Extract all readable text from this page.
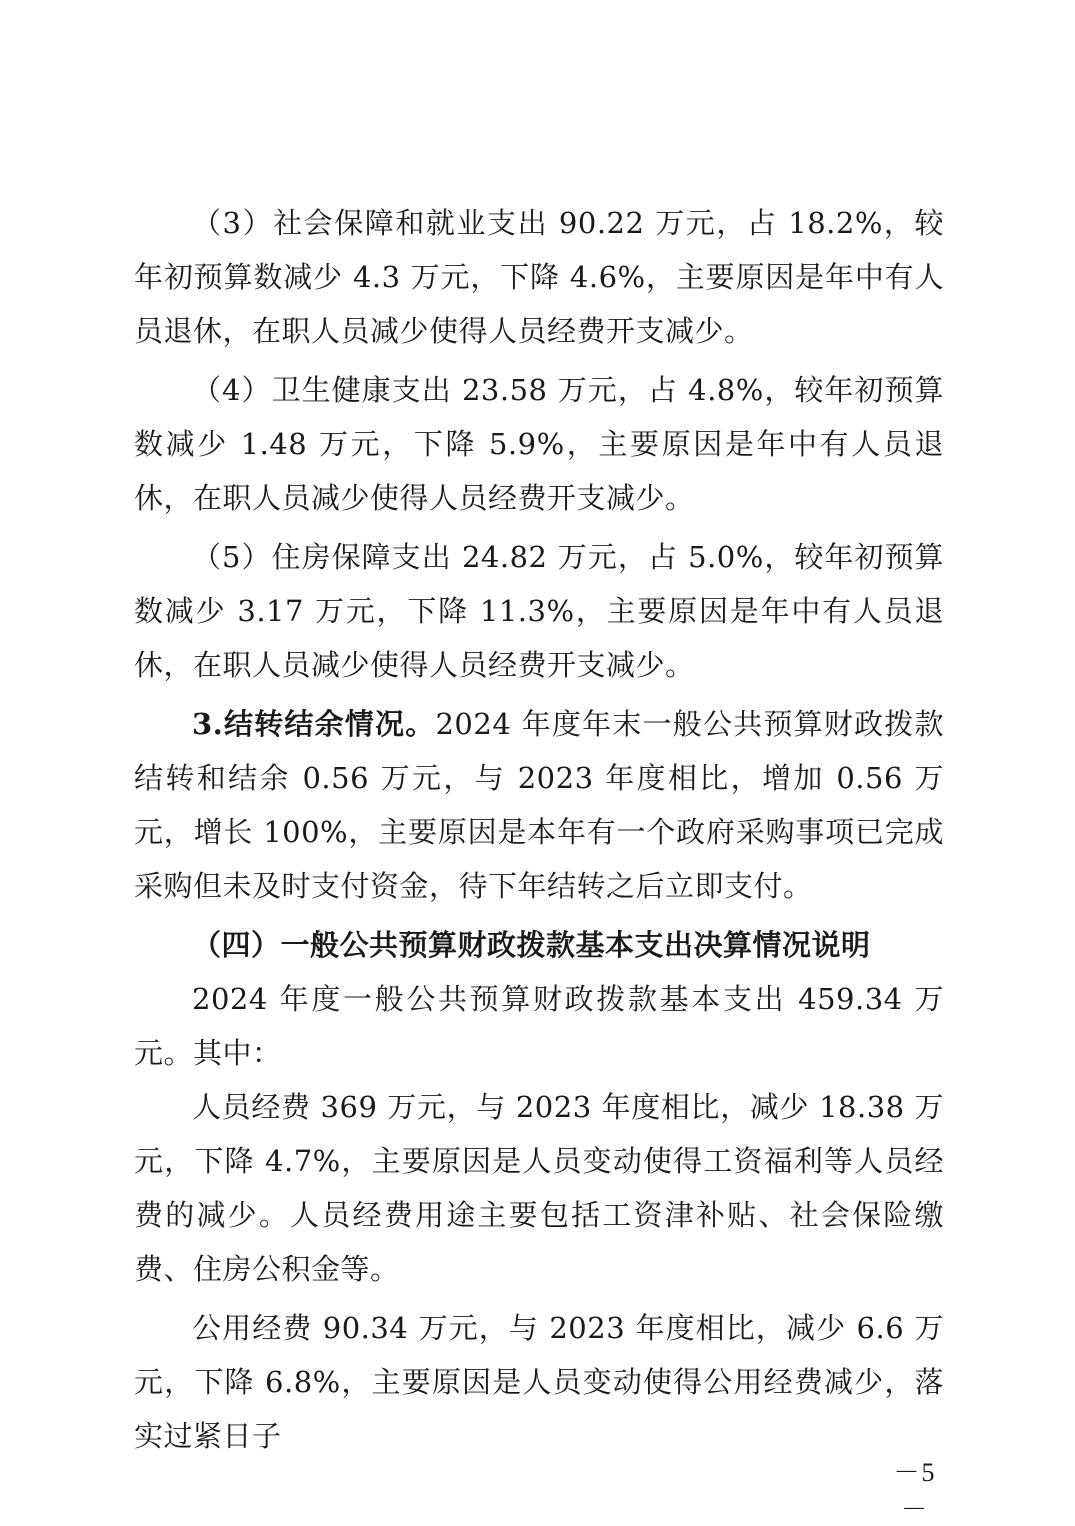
（3）社会保障和就业支出 90.22 万元，占 18.2%，较年初预算数减少 4.3 万元，下降 4.6%，主要原因是年中有人员退休，在职人员减少使得人员经费开支减少。

（4）卫生健康支出 23.58 万元，占 4.8%，较年初预算数减少 1.48 万元，下降 5.9%，主要原因是年中有人员退休，在职人员减少使得人员经费开支减少。

（5）住房保障支出 24.82 万元，占 5.0%，较年初预算数减少 3.17 万元，下降 11.3%，主要原因是年中有人员退休，在职人员减少使得人员经费开支减少。

3.结转结余情况。2024 年度年末一般公共预算财政拨款结转和结余 0.56 万元，与 2023 年度相比，增加 0.56 万元，增长 100%，主要原因是本年有一个政府采购事项已完成采购但未及时支付资金，待下年结转之后立即支付。

（四）一般公共预算财政拨款基本支出决算情况说明

2024 年度一般公共预算财政拨款基本支出 459.34 万元。其中：

人员经费 369 万元，与 2023 年度相比，减少 18.38 万元，下降 4.7%，主要原因是人员变动使得工资福利等人员经费的减少。人员经费用途主要包括工资津补贴、社会保险缴费、住房公积金等。

公用经费 90.34 万元，与 2023 年度相比，减少 6.6 万元，下降 6.8%，主要原因是人员变动使得公用经费减少，落实过紧日子

－5－
